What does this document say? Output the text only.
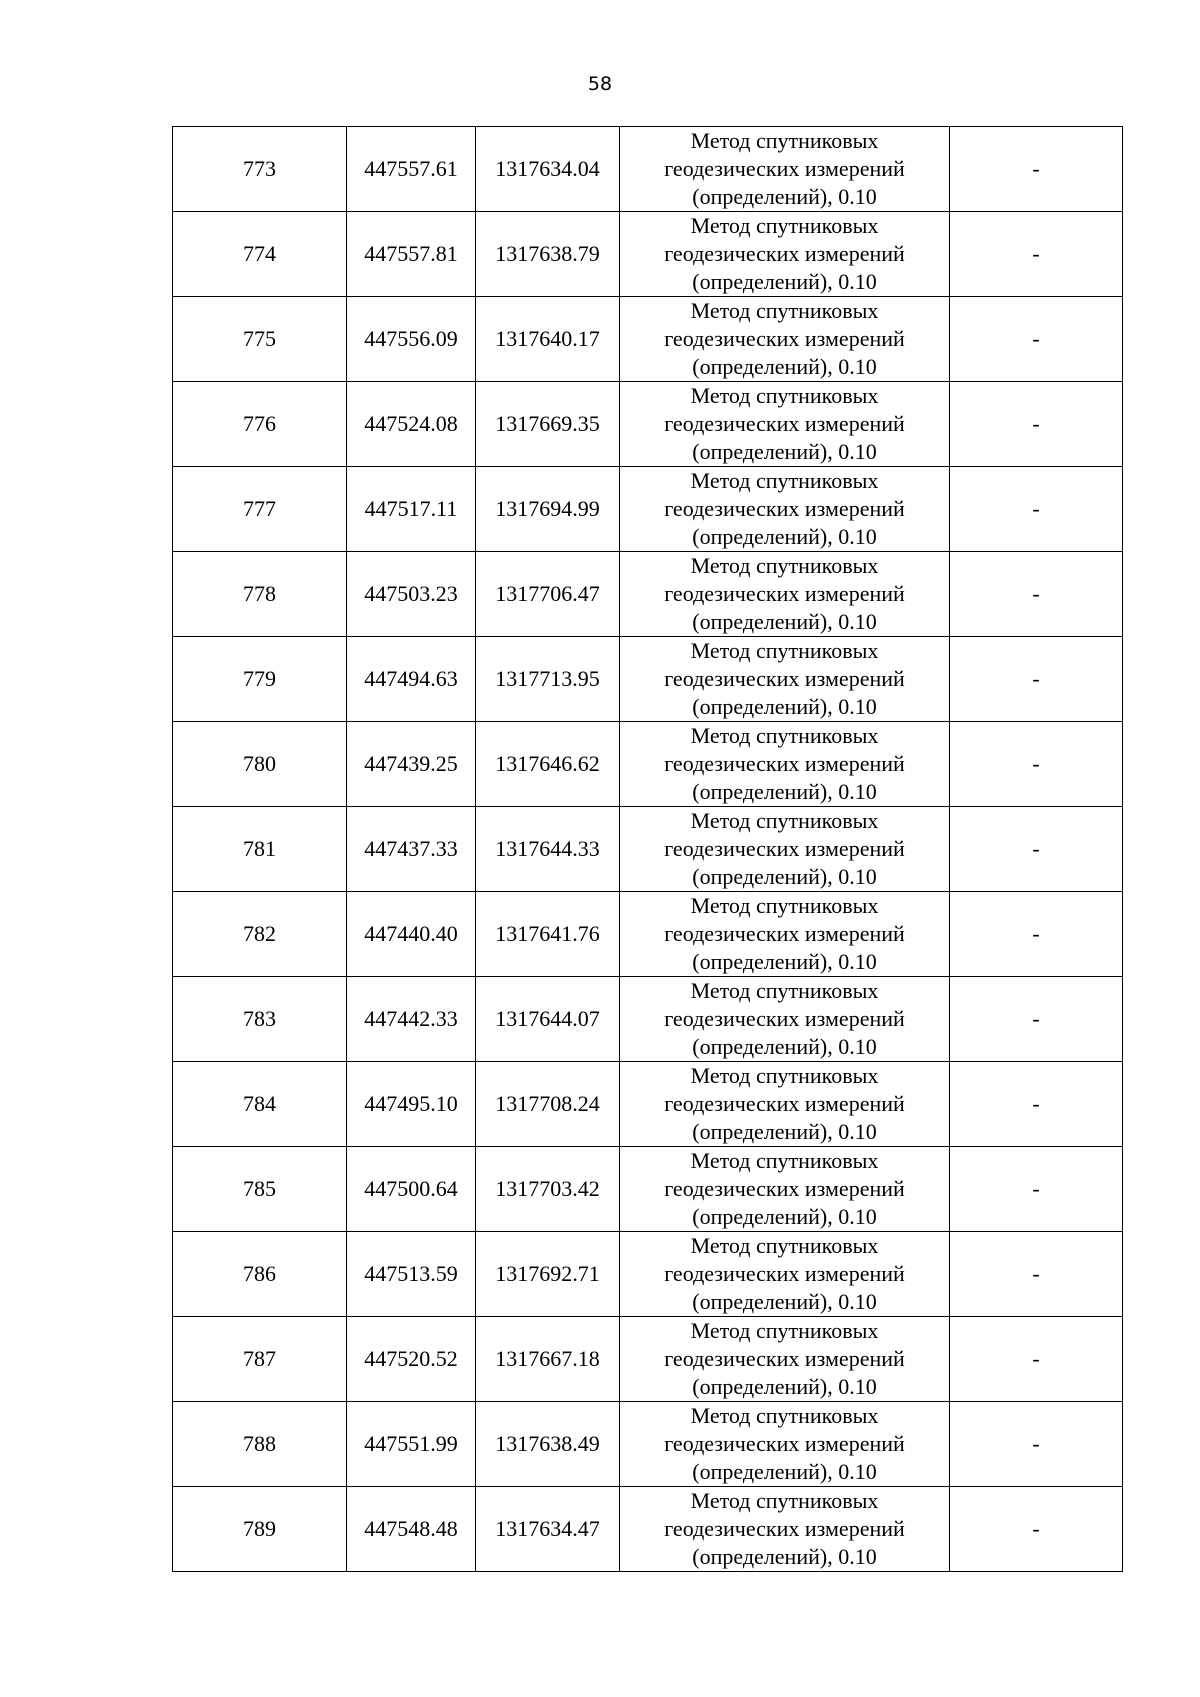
58
773	447557.61	1317634.04	Метод спутниковых
геодезических измерений
(определений), 0.10	-
774	447557.81	1317638.79	Метод спутниковых
геодезических измерений
(определений), 0.10	-
775	447556.09	1317640.17	Метод спутниковых
геодезических измерений
(определений), 0.10	-
776	447524.08	1317669.35	Метод спутниковых
геодезических измерений
(определений), 0.10	-
777	447517.11	1317694.99	Метод спутниковых
геодезических измерений
(определений), 0.10	-
778	447503.23	1317706.47	Метод спутниковых
геодезических измерений
(определений), 0.10	-
779	447494.63	1317713.95	Метод спутниковых
геодезических измерений
(определений), 0.10	-
780	447439.25	1317646.62	Метод спутниковых
геодезических измерений
(определений), 0.10	-
781	447437.33	1317644.33	Метод спутниковых
геодезических измерений
(определений), 0.10	-
782	447440.40	1317641.76	Метод спутниковых
геодезических измерений
(определений), 0.10	-
783	447442.33	1317644.07	Метод спутниковых
геодезических измерений
(определений), 0.10	-
784	447495.10	1317708.24	Метод спутниковых
геодезических измерений
(определений), 0.10	-
785	447500.64	1317703.42	Метод спутниковых
геодезических измерений
(определений), 0.10	-
786	447513.59	1317692.71	Метод спутниковых
геодезических измерений
(определений), 0.10	-
787	447520.52	1317667.18	Метод спутниковых
геодезических измерений
(определений), 0.10	-
788	447551.99	1317638.49	Метод спутниковых
геодезических измерений
(определений), 0.10	-
789	447548.48	1317634.47	Метод спутниковых
геодезических измерений
(определений), 0.10	-
